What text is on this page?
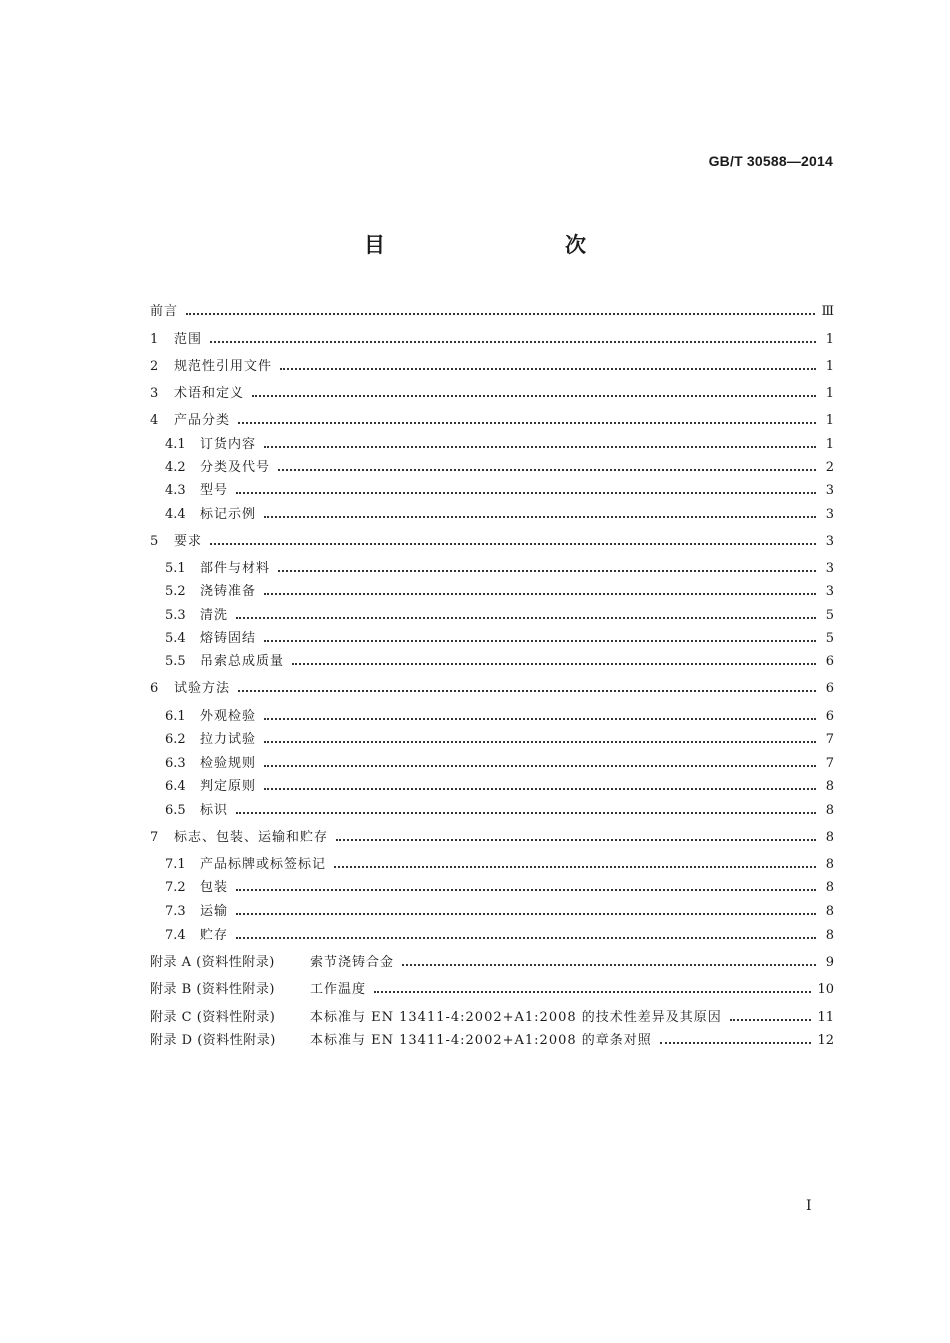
GB/T 30588—2014
目　　次
前言	Ⅲ
1	范围	1
2	规范性引用文件	1
3	术语和定义	1
4	产品分类	1
4.1	订货内容	1
4.2	分类及代号	2
4.3	型号	3
4.4	标记示例	3
5	要求	3
5.1	部件与材料	3
5.2	浇铸准备	3
5.3	清洗	5
5.4	熔铸固结	5
5.5	吊索总成质量	6
6	试验方法	6
6.1	外观检验	6
6.2	拉力试验	7
6.3	检验规则	7
6.4	判定原则	8
6.5	标识	8
7	标志、包装、运输和贮存	8
7.1	产品标牌或标签标记	8
7.2	包装	8
7.3	运输	8
7.4	贮存	8
附录 A (资料性附录)	索节浇铸合金	9
附录 B (资料性附录)	工作温度	10
附录 C (资料性附录)	本标准与 EN 13411-4:2002+A1:2008 的技术性差异及其原因	11
附录 D (资料性附录)	本标准与 EN 13411-4:2002+A1:2008 的章条对照	12
I
